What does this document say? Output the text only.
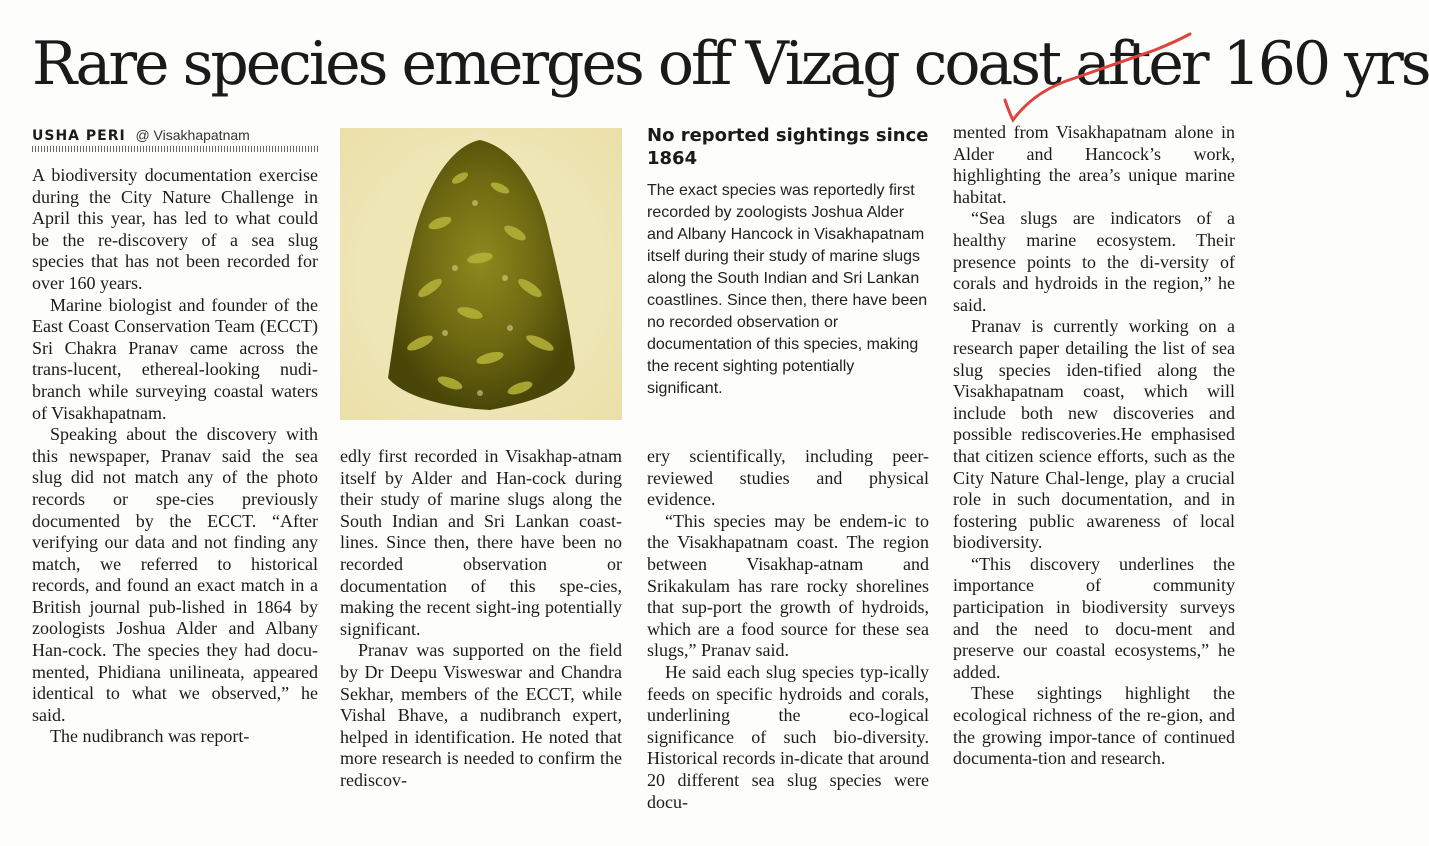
Rare species emerges off Vizag coast after 160 yrs
USHA PERI @ Visakhapatnam

A biodiversity documentation exercise during the City Nature Challenge in April this year, has led to what could be the re-discovery of a sea slug species that has not been recorded for over 160 years.

Marine biologist and founder of the East Coast Conservation Team (ECCT) Sri Chakra Pranav came across the trans-lucent, ethereal-looking nudi-branch while surveying coastal waters of Visakhapatnam.

Speaking about the discovery with this newspaper, Pranav said the sea slug did not match any of the photo records or spe-cies previously documented by the ECCT. “After verifying our data and not finding any match, we referred to historical records, and found an exact match in a British journal pub-lished in 1864 by zoologists Joshua Alder and Albany Han-cock. The species they had docu-mented, Phidiana unilineata, appeared identical to what we observed,” he said.

The nudibranch was report-

No reported sightings since 1864

The exact species was reportedly first recorded by zoologists Joshua Alder and Albany Hancock in Visakhapatnam itself during their study of marine slugs along the South Indian and Sri Lankan coastlines. Since then, there have been no recorded observation or documentation of this species, making the recent sighting potentially significant.

edly first recorded in Visakhap-atnam itself by Alder and Han-cock during their study of marine slugs along the South Indian and Sri Lankan coast-lines. Since then, there have been no recorded observation or documentation of this spe-cies, making the recent sight-ing potentially significant.

Pranav was supported on the field by Dr Deepu Visweswar and Chandra Sekhar, members of the ECCT, while Vishal Bhave, a nudibranch expert, helped in identification. He noted that more research is needed to confirm the rediscov-

ery scientifically, including peer-reviewed studies and physical evidence.

“This species may be endem-ic to the Visakhapatnam coast. The region between Visakhap-atnam and Srikakulam has rare rocky shorelines that sup-port the growth of hydroids, which are a food source for these sea slugs,” Pranav said.

He said each slug species typ-ically feeds on specific hydroids and corals, underlining the eco-logical significance of such bio-diversity. Historical records in-dicate that around 20 different sea slug species were docu-

mented from Visakhapatnam alone in Alder and Hancock’s work, highlighting the area’s unique marine habitat.

“Sea slugs are indicators of a healthy marine ecosystem. Their presence points to the di-versity of corals and hydroids in the region,” he said.

Pranav is currently working on a research paper detailing the list of sea slug species iden-tified along the Visakhapatnam coast, which will include both new discoveries and possible rediscoveries.He emphasised that citizen science efforts, such as the City Nature Chal-lenge, play a crucial role in such documentation, and in fostering public awareness of local biodiversity.

“This discovery underlines the importance of community participation in biodiversity surveys and the need to docu-ment and preserve our coastal ecosystems,” he added.

These sightings highlight the ecological richness of the re-gion, and the growing impor-tance of continued documenta-tion and research.
